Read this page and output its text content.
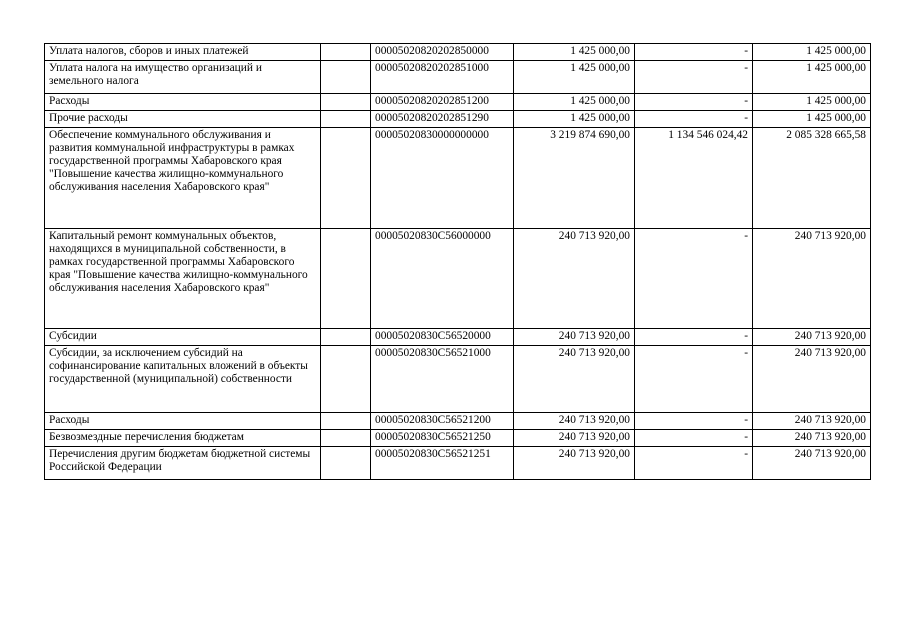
Уплата налогов, сборов и иных платежей		00005020820202850000	1 425 000,00	-	1 425 000,00
Уплата налога на имущество организаций и земельного налога		00005020820202851000	1 425 000,00	-	1 425 000,00
Расходы		00005020820202851200	1 425 000,00	-	1 425 000,00
Прочие расходы		00005020820202851290	1 425 000,00	-	1 425 000,00
Обеспечение коммунального обслуживания и развития коммунальной инфраструктуры в рамках государственной программы Хабаровского края "Повышение качества жилищно-коммунального обслуживания населения Хабаровского края"		00005020830000000000	3 219 874 690,00	1 134 546 024,42	2 085 328 665,58
Капитальный ремонт коммунальных объектов, находящихся в муниципальной собственности, в рамках государственной программы Хабаровского края "Повышение качества жилищно-коммунального обслуживания населения Хабаровского края"		00005020830С56000000	240 713 920,00	-	240 713 920,00
Субсидии		00005020830С56520000	240 713 920,00	-	240 713 920,00
Субсидии, за исключением субсидий на софинансирование капитальных вложений в объекты государственной (муниципальной) собственности		00005020830С56521000	240 713 920,00	-	240 713 920,00
Расходы		00005020830С56521200	240 713 920,00	-	240 713 920,00
Безвозмездные перечисления бюджетам		00005020830С56521250	240 713 920,00	-	240 713 920,00
Перечисления другим бюджетам бюджетной системы Российской Федерации		00005020830С56521251	240 713 920,00	-	240 713 920,00
